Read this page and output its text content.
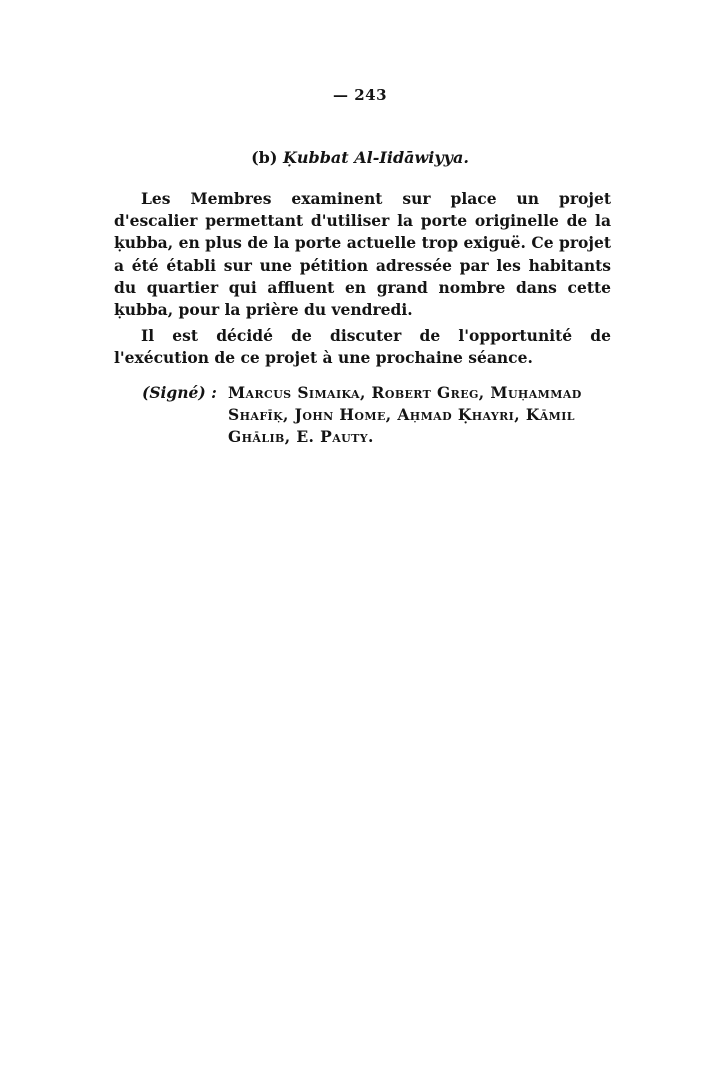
— 243
(b) Ḳubbat Al-Iidāwiyya.

Les Membres examinent sur place un projet d'escalier permettant d'utiliser la porte originelle de la ḳubba, en plus de la porte actuelle trop exiguë. Ce projet a été établi sur une pétition adressée par les habitants du quartier qui affluent en grand nombre dans cette ḳubba, pour la prière du vendredi.

Il est décidé de discuter de l'opportunité de l'exécution de ce projet à une prochaine séance.

(Signé) : Marcus Simaika, Robert Greg, Muḥammad Shafīḳ, John Home, Aḥmad Ḳhayri, Kāmil Ghālib, E. Pauty.
